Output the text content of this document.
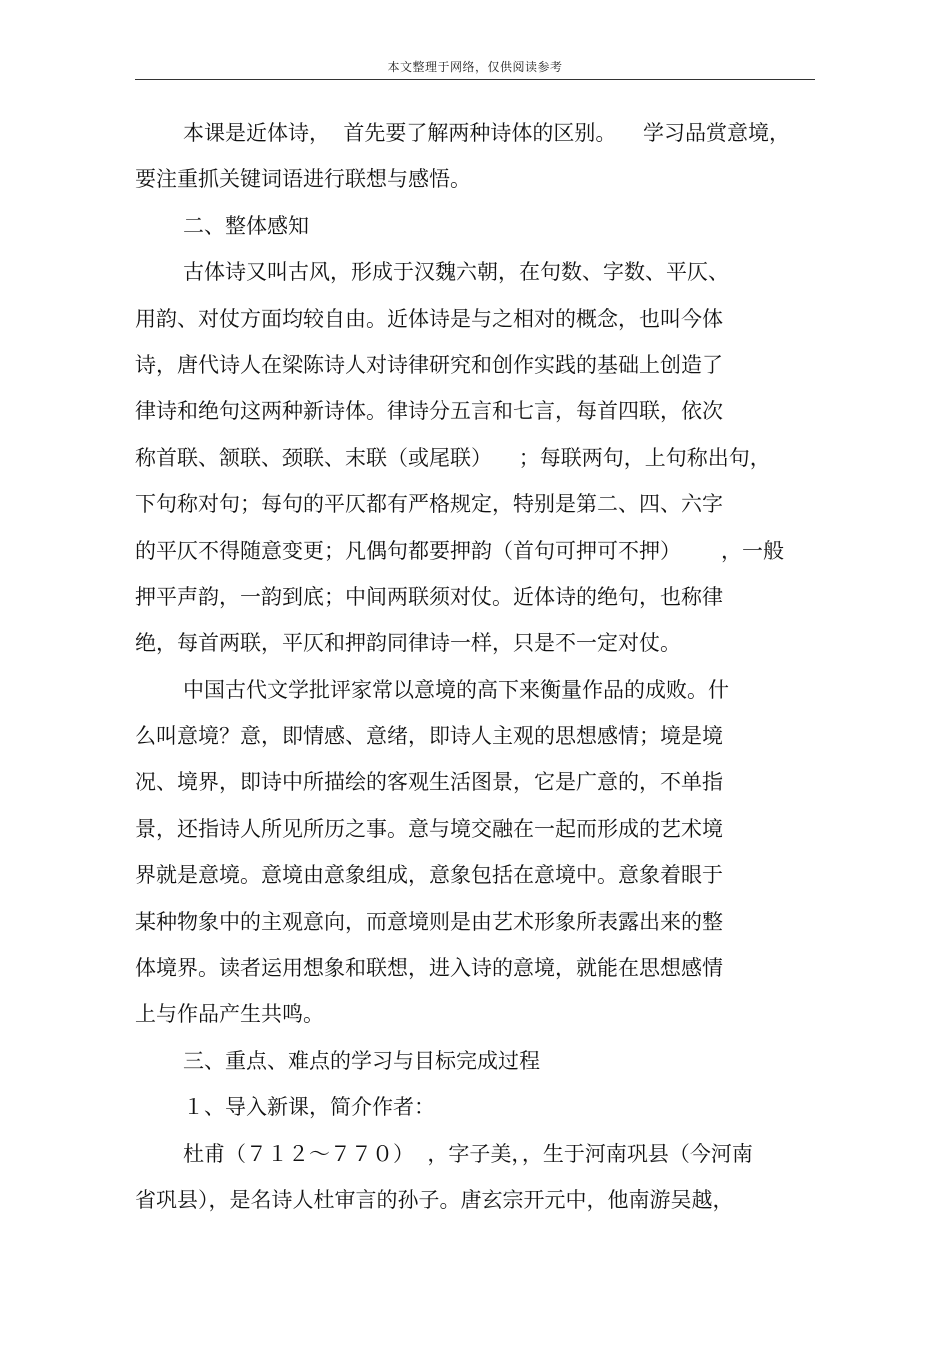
本文整理于网络，仅供阅读参考
本课是近体诗，  首先要了解两种诗体的区别。    学习品赏意境，
要注重抓关键词语进行联想与感悟。
二、整体感知
古体诗又叫古风，形成于汉魏六朝，在句数、字数、平仄、
用韵、对仗方面均较自由。近体诗是与之相对的概念，也叫今体
诗，唐代诗人在梁陈诗人对诗律研究和创作实践的基础上创造了
律诗和绝句这两种新诗体。律诗分五言和七言，每首四联，依次
称首联、颔联、颈联、末联（或尾联）    ；每联两句，上句称出句，
下句称对句；每句的平仄都有严格规定，特别是第二、四、六字
的平仄不得随意变更；凡偶句都要押韵（首句可押可不押）      ，一般
押平声韵，一韵到底；中间两联须对仗。近体诗的绝句，也称律
绝，每首两联，平仄和押韵同律诗一样，只是不一定对仗。
中国古代文学批评家常以意境的高下来衡量作品的成败。什
么叫意境？意，即情感、意绪，即诗人主观的思想感情；境是境
况、境界，即诗中所描绘的客观生活图景，它是广意的，不单指
景，还指诗人所见所历之事。意与境交融在一起而形成的艺术境
界就是意境。意境由意象组成，意象包括在意境中。意象着眼于
某种物象中的主观意向，而意境则是由艺术形象所表露出来的整
体境界。读者运用想象和联想，进入诗的意境，就能在思想感情
上与作品产生共鸣。
三、重点、难点的学习与目标完成过程
１、导入新课，简介作者：
杜甫（７１２～７７０）  ，字子美，，生于河南巩县（今河南
省巩县），是名诗人杜审言的孙子。唐玄宗开元中，他南游吴越，
